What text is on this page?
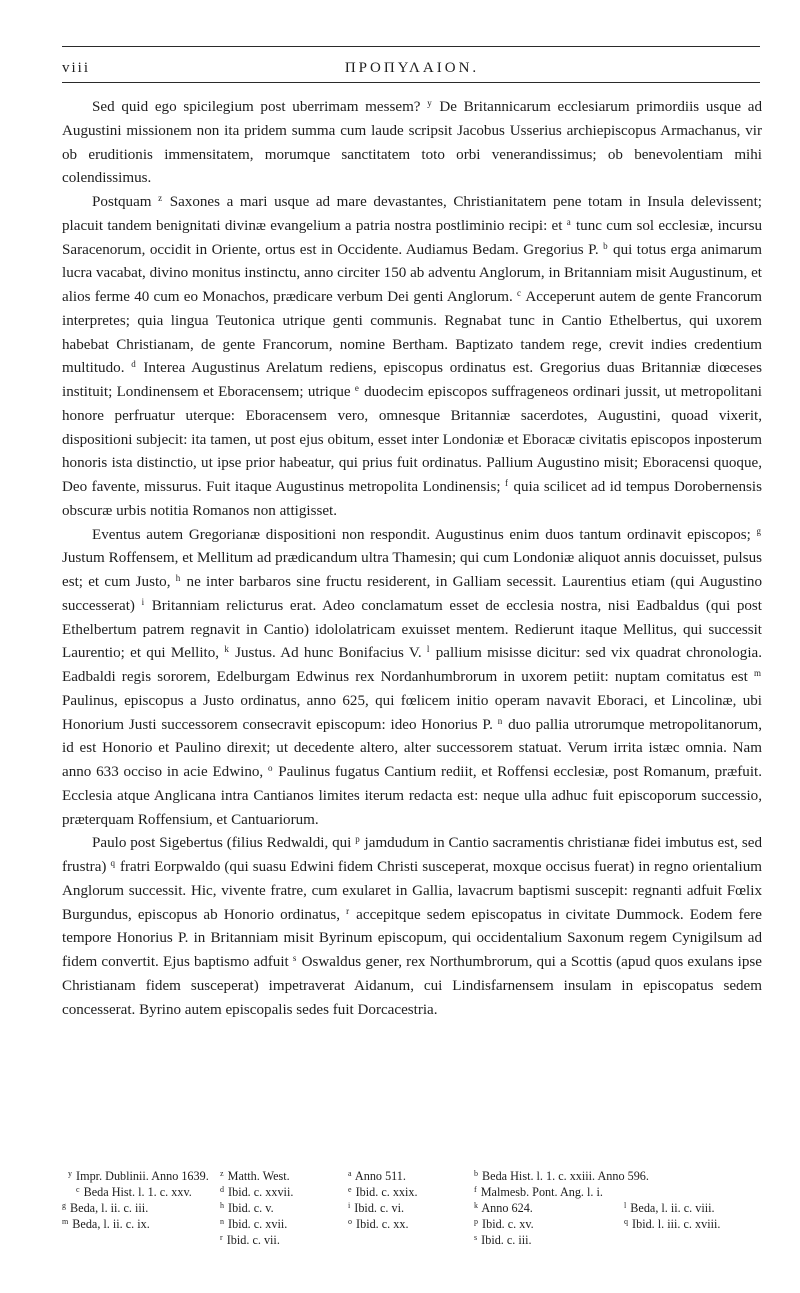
viii	ΠΡΟΠΥΛΑΙΟΝ.

Sed quid ego spicilegium post uberrimam messem? $^y$ De Britannicarum ecclesiarum primordiis usque ad Augustini missionem non ita pridem summa cum laude scripsit Jacobus Usserius archiepiscopus Armachanus, vir ob eruditionis immensitatem, morumque sanctitatem toto orbi venerandissimus; ob benevolentiam mihi colendissimus.

Postquam $^z$ Saxones a mari usque ad mare devastantes, Christianitatem pene totam in Insula delevissent; placuit tandem benignitati divinæ evangelium a patria nostra postliminio recipi: et $^a$ tunc cum sol ecclesiæ, incursu Saracenorum, occidit in Oriente, ortus est in Occidente. Audiamus Bedam. Gregorius P. $^b$ qui totus erga animarum lucra vacabat, divino monitus instinctu, anno circiter 150 ab adventu Anglorum, in Britanniam misit Augustinum, et alios ferme 40 cum eo Monachos, prædicare verbum Dei genti Anglorum. $^c$ Acceperunt autem de gente Francorum interpretes; quia lingua Teutonica utrique genti communis. Regnabat tunc in Cantio Ethelbertus, qui uxorem habebat Christianam, de gente Francorum, nomine Bertham. Baptizato tandem rege, crevit indies credentium multitudo. $^d$ Interea Augustinus Arelatum rediens, episcopus ordinatus est. Gregorius duas Britanniæ diœceses instituit; Londinensem et Eboracensem; utrique $^e$ duodecim episcopos suffrageneos ordinari jussit, ut metropolitani honore perfruatur uterque: Eboracensem vero, omnesque Britanniæ sacerdotes, Augustini, quoad vixerit, dispositioni subjecit: ita tamen, ut post ejus obitum, esset inter Londoniæ et Eboracæ civitatis episcopos inposterum honoris ista distinctio, ut ipse prior habeatur, qui prius fuit ordinatus. Pallium Augustino misit; Eboracensi quoque, Deo favente, missurus. Fuit itaque Augustinus metropolita Londinensis; $^f$ quia scilicet ad id tempus Dorobernensis obscuræ urbis notitia Romanos non attigisset.

Eventus autem Gregorianæ dispositioni non respondit. Augustinus enim duos tantum ordinavit episcopos; $^g$ Justum Roffensem, et Mellitum ad prædicandum ultra Thamesin; qui cum Londoniæ aliquot annis docuisset, pulsus est; et cum Justo, $^h$ ne inter barbaros sine fructu residerent, in Galliam secessit. Laurentius etiam (qui Augustino successerat) $^i$ Britanniam relicturus erat. Adeo conclamatum esset de ecclesia nostra, nisi Eadbaldus (qui post Ethelbertum patrem regnavit in Cantio) idololatricam exuisset mentem. Redierunt itaque Mellitus, qui successit Laurentio; et qui Mellito, $^k$ Justus. Ad hunc Bonifacius V. $^l$ pallium misisse dicitur: sed vix quadrat chronologia. Eadbaldi regis sororem, Edelburgam Edwinus rex Nordanhumbrorum in uxorem petiit: nuptam comitatus est $^m$ Paulinus, episcopus a Justo ordinatus, anno 625, qui fœlicem initio operam navavit Eboraci, et Lincolinæ, ubi Honorium Justi successorem consecravit episcopum: ideo Honorius P. $^n$ duo pallia utrorumque metropolitanorum, id est Honorio et Paulino direxit; ut decedente altero, alter successorem statuat. Verum irrita istæc omnia. Nam anno 633 occiso in acie Edwino, $^o$ Paulinus fugatus Cantium rediit, et Roffensi ecclesiæ, post Romanum, præfuit. Ecclesia atque Anglicana intra Cantianos limites iterum redacta est: neque ulla adhuc fuit episcoporum successio, præterquam Roffensium, et Cantuariorum.

Paulo post Sigebertus (filius Redwaldi, qui $^p$ jamdudum in Cantio sacramentis christianæ fidei imbutus est, sed frustra) $^q$ fratri Eorpwaldo (qui suasu Edwini fidem Christi susceperat, moxque occisus fuerat) in regno orientalium Anglorum successit. Hic, vivente fratre, cum exularet in Gallia, lavacrum baptismi suscepit: regnanti adfuit Fœlix Burgundus, episcopus ab Honorio ordinatus, $^r$ accepitque sedem episcopatus in civitate Dummock. Eodem fere tempore Honorius P. in Britanniam misit Byrinum episcopum, qui occidentalium Saxonum regem Cynigilsum ad fidem convertit. Ejus baptismo adfuit $^s$ Oswaldus gener, rex Northumbrorum, qui a Scottis (apud quos exulans ipse Christianam fidem susceperat) impetraverat Aidanum, cui Lindisfarnensem insulam in episcopatus sedem concesserat. Byrino autem episcopalis sedes fuit Dorcacestria.

$^y$ Impr. Dublinii. Anno 1639. $^z$ Matth. West.	$^a$ Anno 511.	$^b$ Beda Hist. l. 1. c. xxiii. Anno 596.
$^c$ Beda Hist. l. 1. c. xxv.	$^d$ Ibid. c. xxvii.	$^e$ Ibid. c. xxix.	$^f$ Malmesb. Pont. Ang. l. i.
$^g$ Beda, l. ii. c. iii.	$^h$ Ibid. c. v.	$^i$ Ibid. c. vi.	$^k$ Anno 624.	$^l$ Beda, l. ii. c. viii.
$^m$ Beda, l. ii. c. ix.	$^n$ Ibid. c. xvii.	$^o$ Ibid. c. xx.	$^p$ Ibid. c. xv.	$^q$ Ibid. l. iii. c. xviii.
$^r$ Ibid. c. vii.	$^s$ Ibid. c. iii.
